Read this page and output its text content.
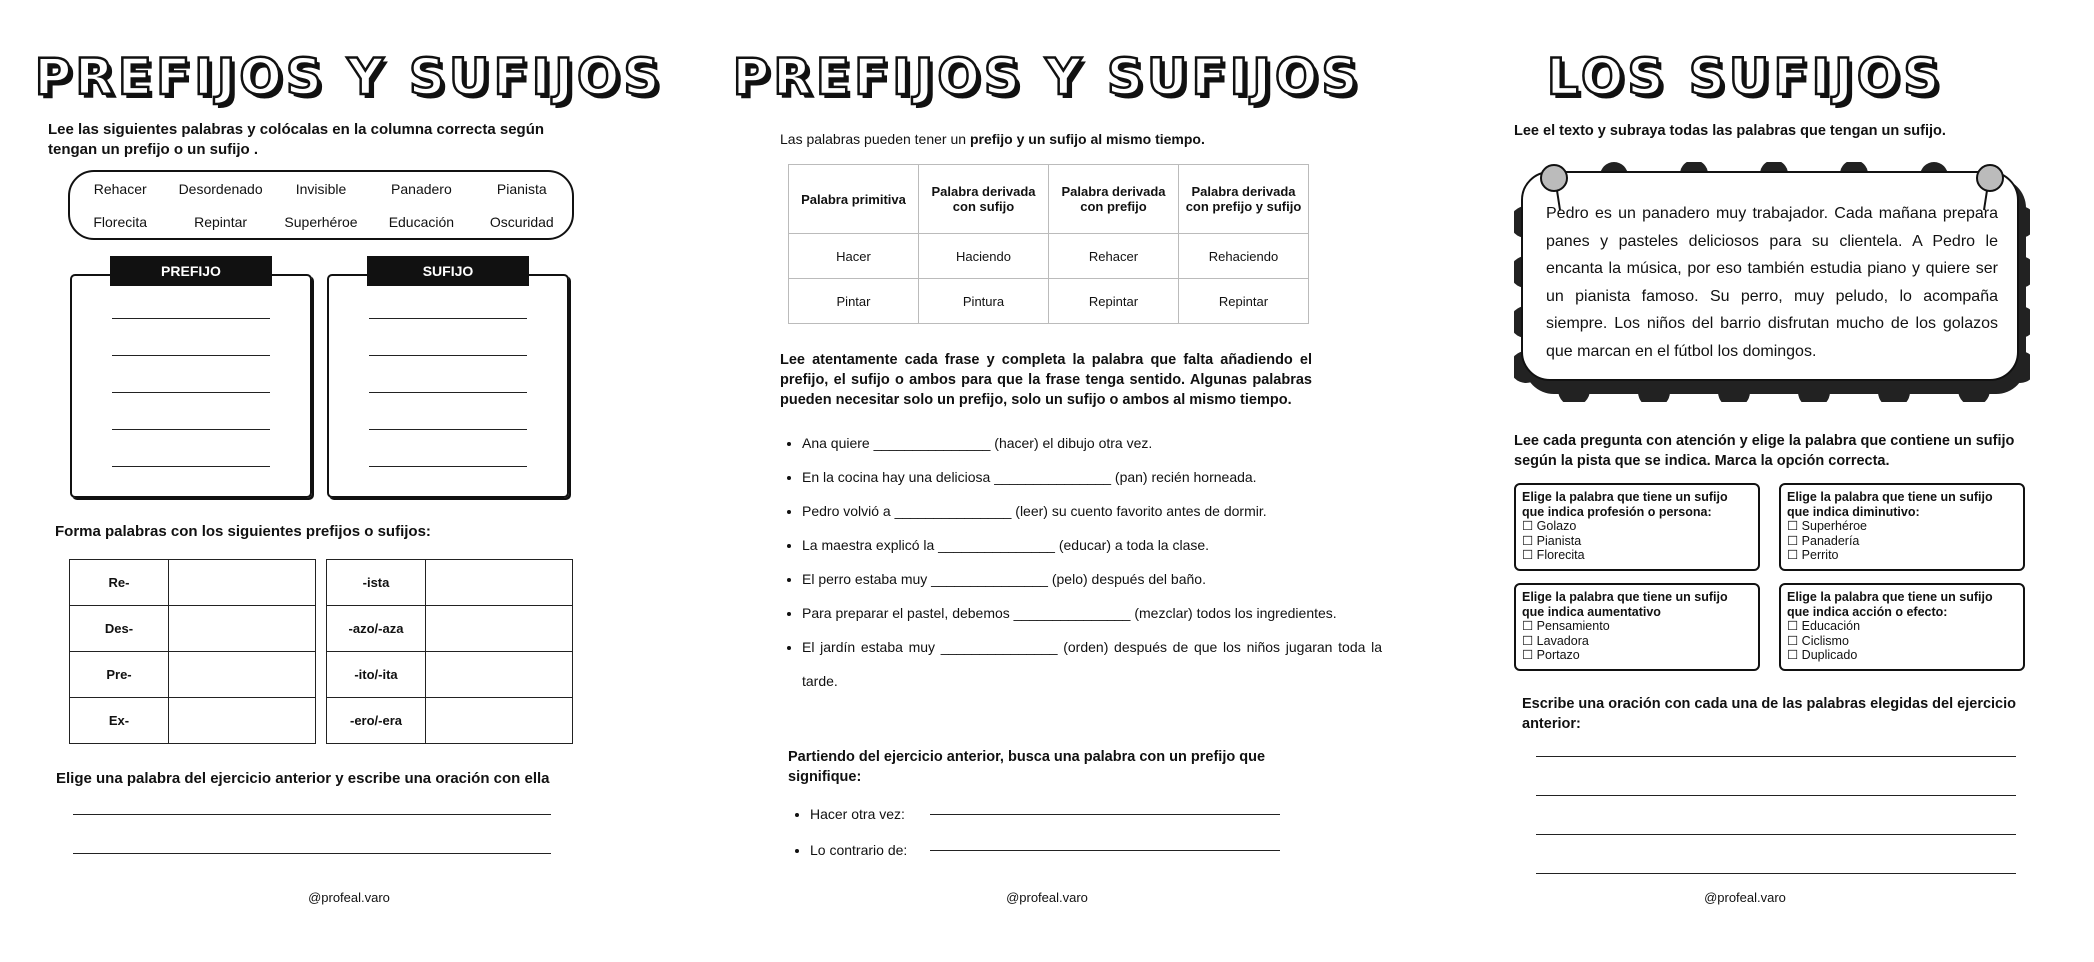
PREFIJOS Y SUFIJOS
Lee las siguientes palabras y colócalas en la columna correcta según tengan un prefijo o un sufijo .
Rehacer	Desordenado	Invisible	Panadero	Pianista
Florecita	Repintar	Superhéroe	Educación	Oscuridad
PREFIJO	SUFIJO
Forma palabras con los siguientes prefijos o sufijos:
Re-	
Des-	
Pre-	
Ex-	
-ista	
-azo/-aza	
-ito/-ita	
-ero/-era	
Elige una palabra del ejercicio anterior y escribe una oración con ella
@profeal.varo
PREFIJOS Y SUFIJOS
Las palabras pueden tener un prefijo y un sufijo al mismo tiempo.
Palabra primitiva	Palabra derivada con sufijo	Palabra derivada con prefijo	Palabra derivada con prefijo y sufijo
Hacer	Haciendo	Rehacer	Rehaciendo
Pintar	Pintura	Repintar	Repintar
Lee atentamente cada frase y completa la palabra que falta añadiendo el prefijo, el sufijo o ambos para que la frase tenga sentido. Algunas palabras pueden necesitar solo un prefijo, solo un sufijo o ambos al mismo tiempo.
• Ana quiere _______________ (hacer) el dibujo otra vez.
• En la cocina hay una deliciosa _______________ (pan) recién horneada.
• Pedro volvió a _______________ (leer) su cuento favorito antes de dormir.
• La maestra explicó la _______________ (educar) a toda la clase.
• El perro estaba muy _______________ (pelo) después del baño.
• Para preparar el pastel, debemos _______________ (mezclar) todos los ingredientes.
• El jardín estaba muy _______________ (orden) después de que los niños jugaran toda la tarde.
Partiendo del ejercicio anterior, busca una palabra con un prefijo que signifique:
• Hacer otra vez:
• Lo contrario de:
@profeal.varo
LOS SUFIJOS
Lee el texto y subraya todas las palabras que tengan un sufijo.
Pedro es un panadero muy trabajador. Cada mañana prepara panes y pasteles deliciosos para su clientela. A Pedro le encanta la música, por eso también estudia piano y quiere ser un pianista famoso. Su perro, muy peludo, lo acompaña siempre. Los niños del barrio disfrutan mucho de los golazos que marcan en el fútbol los domingos.
Lee cada pregunta con atención y elige la palabra que contiene un sufijo según la pista que se indica. Marca la opción correcta.
Elige la palabra que tiene un sufijo que indica profesión o persona:
☐ Golazo
☐ Pianista
☐ Florecita
Elige la palabra que tiene un sufijo que indica diminutivo:
☐ Superhéroe
☐ Panadería
☐ Perrito
Elige la palabra que tiene un sufijo que indica aumentativo
☐ Pensamiento
☐ Lavadora
☐ Portazo
Elige la palabra que tiene un sufijo que indica acción o efecto:
☐ Educación
☐ Ciclismo
☐ Duplicado
Escribe una oración con cada una de las palabras elegidas del ejercicio anterior:
@profeal.varo
